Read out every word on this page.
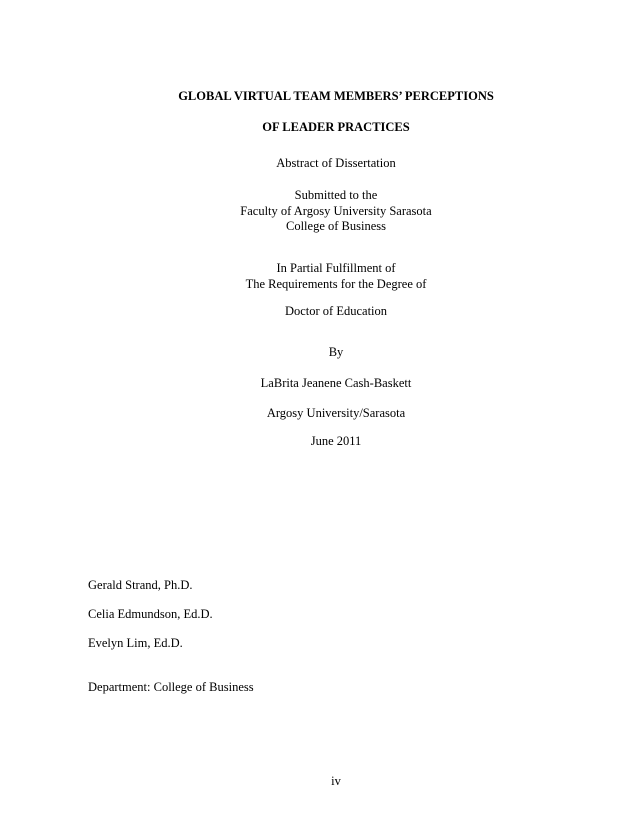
GLOBAL VIRTUAL TEAM MEMBERS’ PERCEPTIONS
OF LEADER PRACTICES
Abstract of Dissertation
Submitted to the
Faculty of Argosy University Sarasota
College of Business
In Partial Fulfillment of
The Requirements for the Degree of
Doctor of Education
By
LaBrita Jeanene Cash-Baskett
Argosy University/Sarasota
June 2011
Gerald Strand, Ph.D.
Celia Edmundson, Ed.D.
Evelyn Lim, Ed.D.
Department: College of Business
iv
